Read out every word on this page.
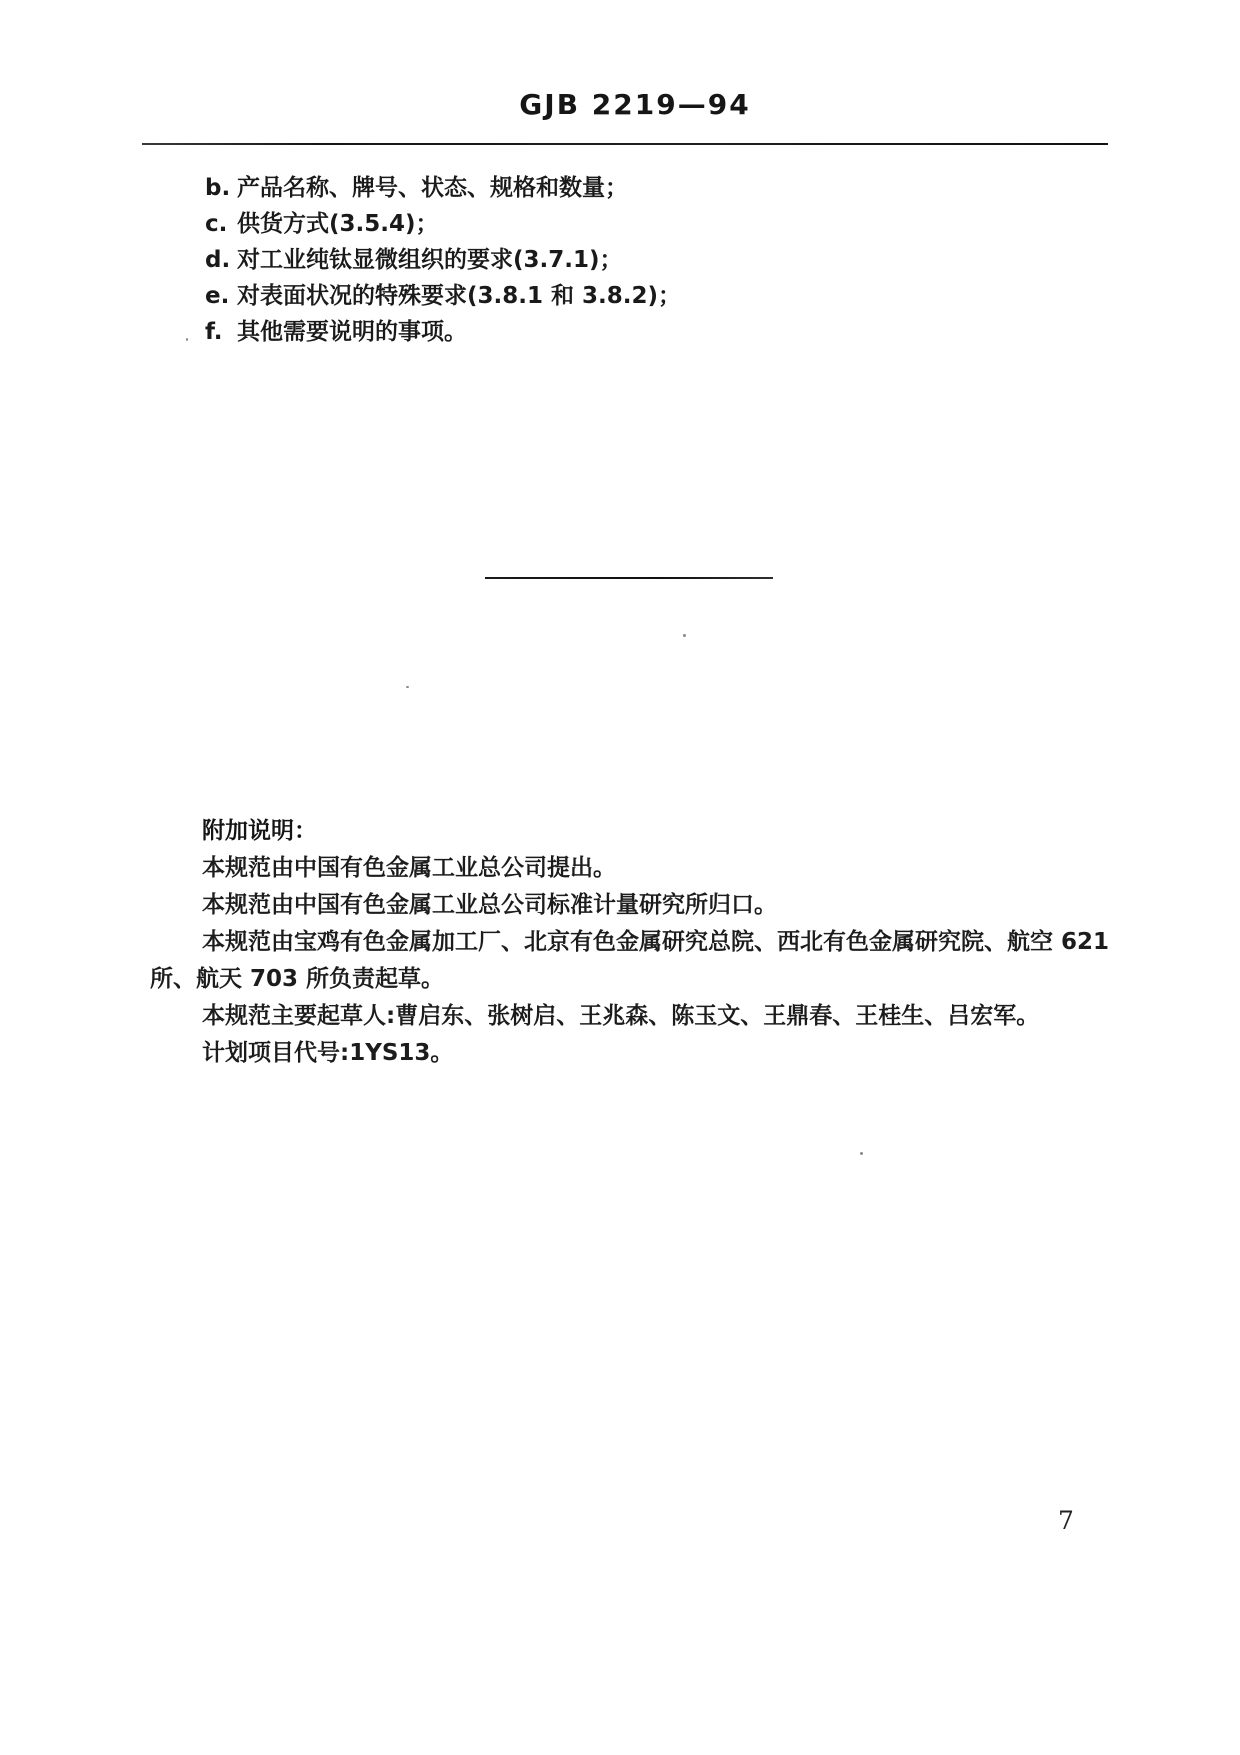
GJB 2219—94
b. 产品名称、牌号、状态、规格和数量；
c. 供货方式(3.5.4)；
d. 对工业纯钛显微组织的要求(3.7.1)；
e. 对表面状况的特殊要求(3.8.1 和 3.8.2)；
f. 其他需要说明的事项。
附加说明：
本规范由中国有色金属工业总公司提出。
本规范由中国有色金属工业总公司标准计量研究所归口。
本规范由宝鸡有色金属加工厂、北京有色金属研究总院、西北有色金属研究院、航空 621
所、航天 703 所负责起草。
本规范主要起草人:曹启东、张树启、王兆森、陈玉文、王鼎春、王桂生、吕宏军。
计划项目代号:1YS13。
7
